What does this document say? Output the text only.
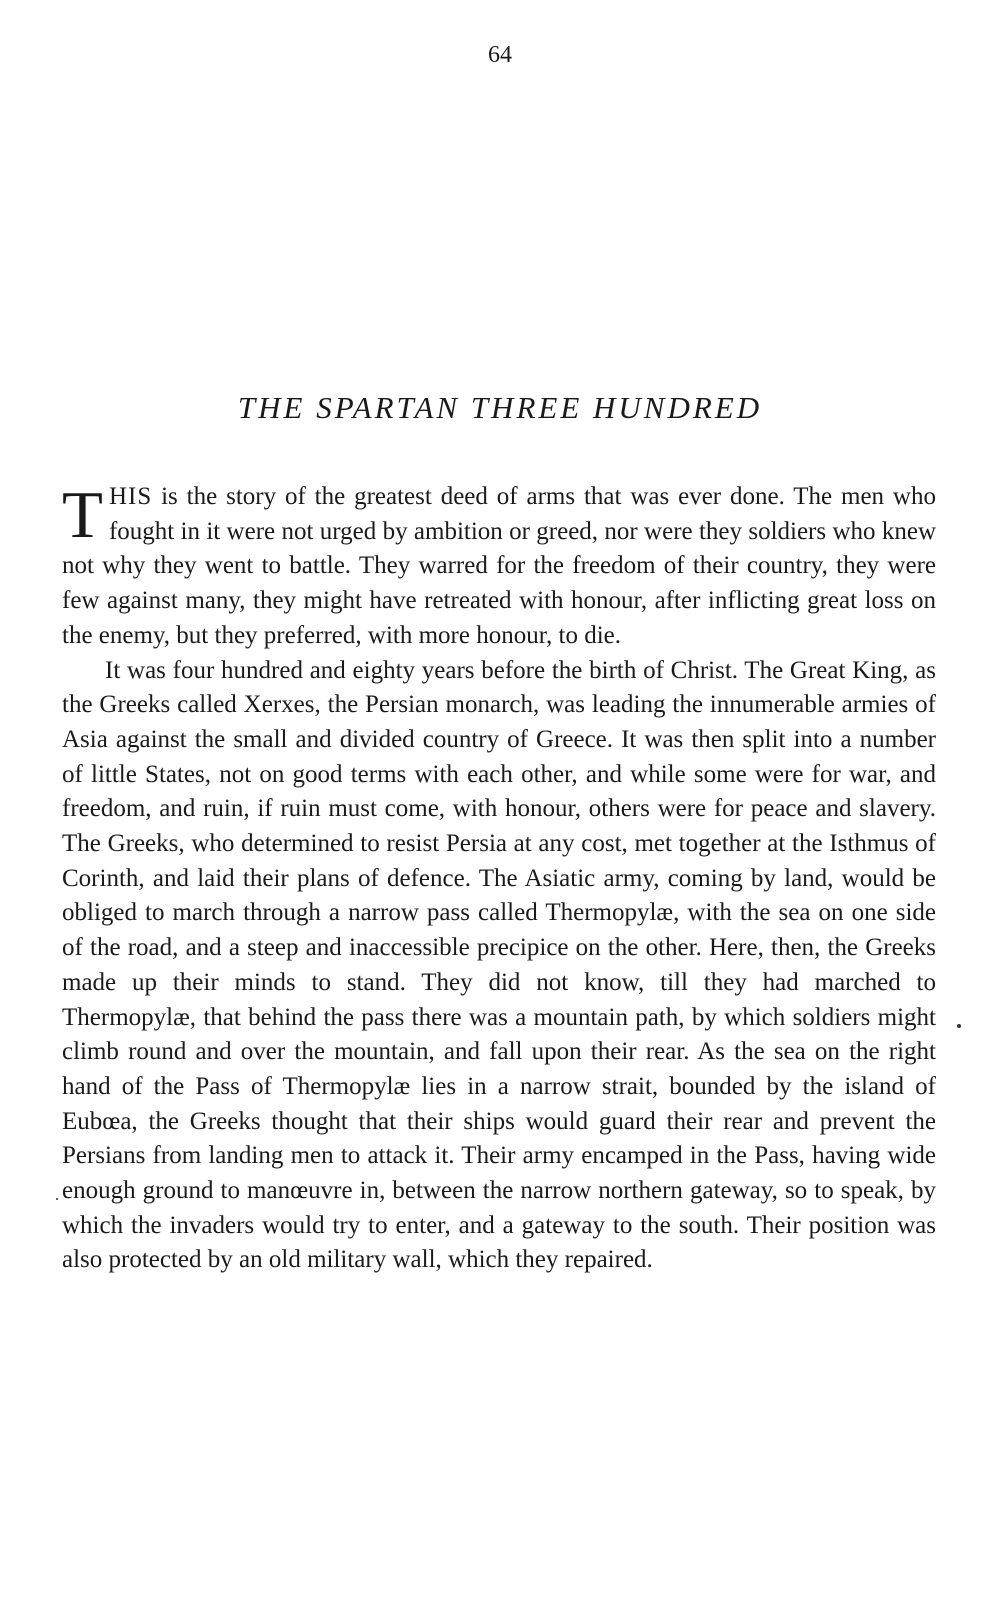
64
THE SPARTAN THREE HUNDRED

THIS is the story of the greatest deed of arms that was ever done. The men who fought in it were not urged by ambition or greed, nor were they soldiers who knew not why they went to battle. They warred for the freedom of their country, they were few against many, they might have retreated with honour, after inflicting great loss on the enemy, but they preferred, with more honour, to die.

It was four hundred and eighty years before the birth of Christ. The Great King, as the Greeks called Xerxes, the Persian monarch, was leading the innumerable armies of Asia against the small and divided country of Greece. It was then split into a number of little States, not on good terms with each other, and while some were for war, and freedom, and ruin, if ruin must come, with honour, others were for peace and slavery. The Greeks, who determined to resist Persia at any cost, met together at the Isthmus of Corinth, and laid their plans of defence. The Asiatic army, coming by land, would be obliged to march through a narrow pass called Thermopylæ, with the sea on one side of the road, and a steep and inaccessible precipice on the other. Here, then, the Greeks made up their minds to stand. They did not know, till they had marched to Thermopylæ, that behind the pass there was a mountain path, by which soldiers might climb round and over the mountain, and fall upon their rear. As the sea on the right hand of the Pass of Thermopylæ lies in a narrow strait, bounded by the island of Eubœa, the Greeks thought that their ships would guard their rear and prevent the Persians from landing men to attack it. Their army encamped in the Pass, having wide enough ground to manœuvre in, between the narrow northern gateway, so to speak, by which the invaders would try to enter, and a gateway to the south. Their position was also protected by an old military wall, which they repaired.
